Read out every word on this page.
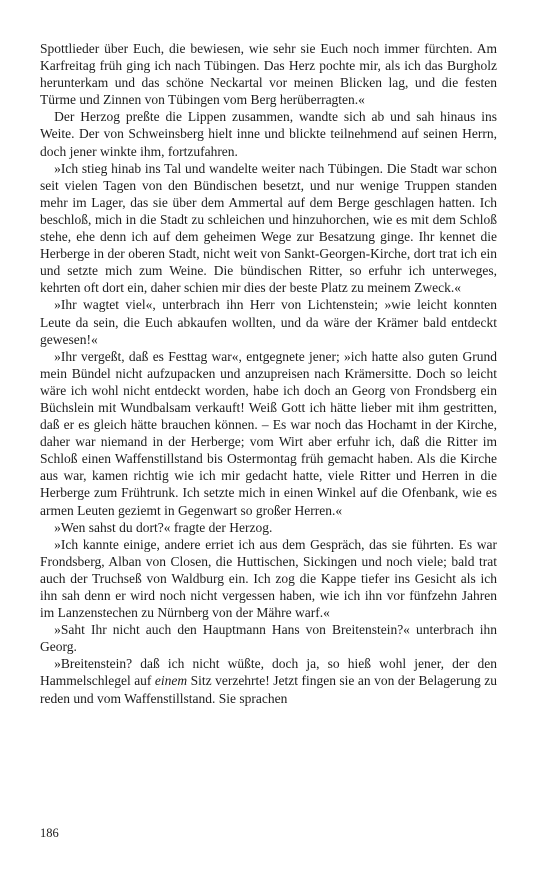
Spottlieder über Euch, die bewiesen, wie sehr sie Euch noch immer fürchten. Am Karfreitag früh ging ich nach Tübingen. Das Herz pochte mir, als ich das Burgholz herunterkam und das schöne Neckartal vor meinen Blicken lag, und die festen Türme und Zinnen von Tübingen vom Berg herüberragten.«

Der Herzog preßte die Lippen zusammen, wandte sich ab und sah hinaus ins Weite. Der von Schweinsberg hielt inne und blickte teilnehmend auf seinen Herrn, doch jener winkte ihm, fortzufahren.

»Ich stieg hinab ins Tal und wandelte weiter nach Tübingen. Die Stadt war schon seit vielen Tagen von den Bündischen besetzt, und nur wenige Truppen standen mehr im Lager, das sie über dem Ammertal auf dem Berge geschlagen hatten. Ich beschloß, mich in die Stadt zu schleichen und hinzuhorchen, wie es mit dem Schloß stehe, ehe denn ich auf dem geheimen Wege zur Besatzung ginge. Ihr kennet die Herberge in der oberen Stadt, nicht weit von Sankt-Georgen-Kirche, dort trat ich ein und setzte mich zum Weine. Die bündischen Ritter, so erfuhr ich unterweges, kehrten oft dort ein, daher schien mir dies der beste Platz zu meinem Zweck.«

»Ihr wagtet viel«, unterbrach ihn Herr von Lichtenstein; »wie leicht konnten Leute da sein, die Euch abkaufen wollten, und da wäre der Krämer bald entdeckt gewesen!«

»Ihr vergeßt, daß es Festtag war«, entgegnete jener; »ich hatte also guten Grund mein Bündel nicht aufzupacken und anzupreisen nach Krämersitte. Doch so leicht wäre ich wohl nicht entdeckt worden, habe ich doch an Georg von Frondsberg ein Büchslein mit Wundbalsam verkauft! Weiß Gott ich hätte lieber mit ihm gestritten, daß er es gleich hätte brauchen können. – Es war noch das Hochamt in der Kirche, daher war niemand in der Herberge; vom Wirt aber erfuhr ich, daß die Ritter im Schloß einen Waffenstillstand bis Ostermontag früh gemacht haben. Als die Kirche aus war, kamen richtig wie ich mir gedacht hatte, viele Ritter und Herren in die Herberge zum Frühtrunk. Ich setzte mich in einen Winkel auf die Ofenbank, wie es armen Leuten geziemt in Gegenwart so großer Herren.«

»Wen sahst du dort?« fragte der Herzog.

»Ich kannte einige, andere erriet ich aus dem Gespräch, das sie führten. Es war Frondsberg, Alban von Closen, die Huttischen, Sickingen und noch viele; bald trat auch der Truchseß von Waldburg ein. Ich zog die Kappe tiefer ins Gesicht als ich ihn sah denn er wird noch nicht vergessen haben, wie ich ihn vor fünfzehn Jahren im Lanzenstechen zu Nürnberg von der Mähre warf.«

»Saht Ihr nicht auch den Hauptmann Hans von Breitenstein?« unterbrach ihn Georg.

»Breitenstein? daß ich nicht wüßte, doch ja, so hieß wohl jener, der den Hammelschlegel auf einem Sitz verzehrte! Jetzt fingen sie an von der Belagerung zu reden und vom Waffenstillstand. Sie sprachen

186
